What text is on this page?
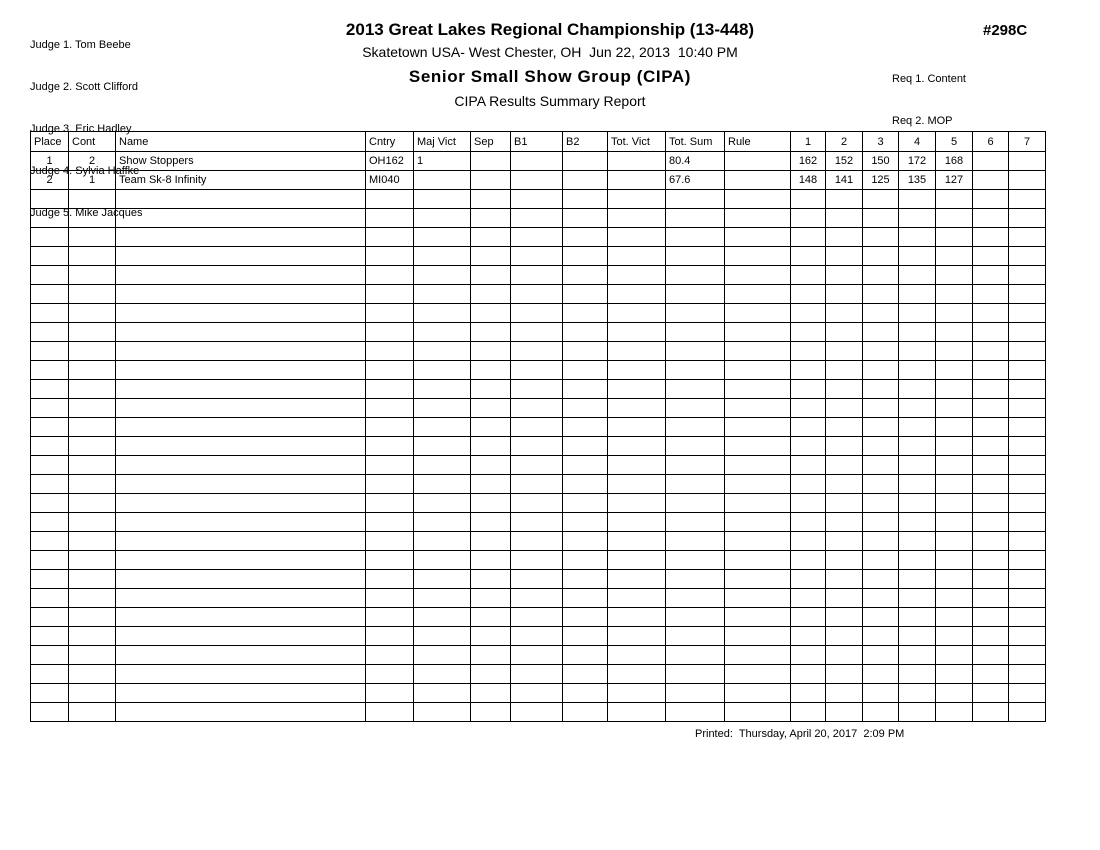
Judge 1. Tom Beebe

Judge 2. Scott Clifford

Judge 3. Eric Hadley

Judge 4. Sylvia Haffke

Judge 5. Mike Jacques

2013 Great Lakes Regional Championship (13-448)
Skatetown USA- West Chester, OH  Jun 22, 2013  10:40 PM
Senior Small Show Group (CIPA)
CIPA Results Summary Report
#298C

Req 1. Content

Req 2. MOP

Place	Cont	Name	Cntry	Maj Vict	Sep	B1	B2	Tot. Vict	Tot. Sum	Rule	1	2	3	4	5	6	7
1	2	Show Stoppers	OH162	1					80.4		162	152	150	172	168		
2	1	Team Sk-8 Infinity	MI040						67.6		148	141	125	135	127		

Printed:  Thursday, April 20, 2017  2:09 PM
